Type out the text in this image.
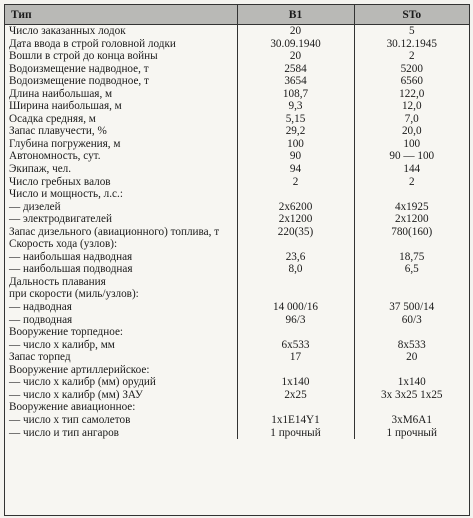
Тип	B1	STo
Число заказанных лодок	20	5
Дата ввода в строй головной лодки	30.09.1940	30.12.1945
Вошли в строй до конца войны	20	2
Водоизмещение надводное, т	2584	5200
Водоизмещение подводное, т	3654	6560
Длина наибольшая, м	108,7	122,0
Ширина наибольшая, м	9,3	12,0
Осадка средняя, м	5,15	7,0
Запас плавучести, %	29,2	20,0
Глубина погружения, м	100	100
Автономность, сут.	90	90 — 100
Экипаж, чел.	94	144
Число гребных валов	2	2
Число и мощность, л.с.:		
— дизелей	2x6200	4x1925
— электродвигателей	2x1200	2x1200
Запас дизельного (авиационного) топлива, т	220(35)	780(160)
Скорость хода (узлов):		
— наибольшая надводная	23,6	18,75
— наибольшая подводная	8,0	6,5
Дальность плавания		
при скорости (миль/узлов):		
— надводная	14 000/16	37 500/14
— подводная	96/3	60/3
Вооружение торпедное:		
— число x калибр, мм	6x533	8x533
Запас торпед	17	20
Вооружение артиллерийское:		
— число x калибр (мм) орудий	1x140	1x140
— число x калибр (мм) ЗАУ	2x25	3x 3x25 1x25
Вооружение авиационное:		
— число x тип самолетов	1x1E14Y1	3xM6A1
— число и тип ангаров	1 прочный	1 прочный
